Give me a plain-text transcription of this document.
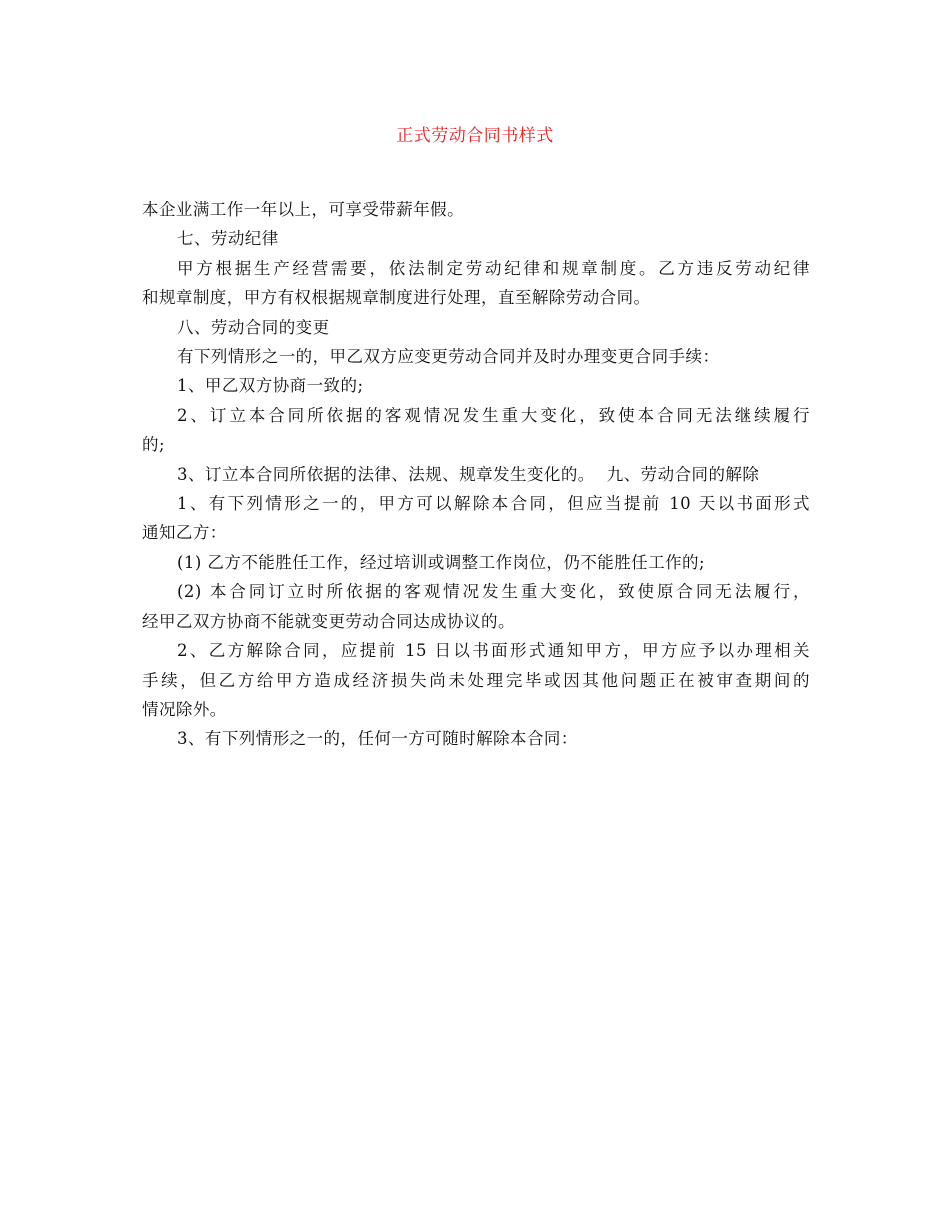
正式劳动合同书样式

本企业满工作一年以上，可享受带薪年假。

七、劳动纪律

甲方根据生产经营需要，依法制定劳动纪律和规章制度。乙方违反劳动纪律

和规章制度，甲方有权根据规章制度进行处理，直至解除劳动合同。

八、劳动合同的变更

有下列情形之一的，甲乙双方应变更劳动合同并及时办理变更合同手续：

1、甲乙双方协商一致的;

2、订立本合同所依据的客观情况发生重大变化，致使本合同无法继续履行

的;

3、订立本合同所依据的法律、法规、规章发生变化的。 九、劳动合同的解除

1、有下列情形之一的，甲方可以解除本合同，但应当提前 10 天以书面形式

通知乙方：

(1) 乙方不能胜任工作，经过培训或调整工作岗位，仍不能胜任工作的;

(2) 本合同订立时所依据的客观情况发生重大变化，致使原合同无法履行，

经甲乙双方协商不能就变更劳动合同达成协议的。

2、乙方解除合同，应提前 15 日以书面形式通知甲方，甲方应予以办理相关

手续，但乙方给甲方造成经济损失尚未处理完毕或因其他问题正在被审查期间的

情况除外。

3、有下列情形之一的，任何一方可随时解除本合同：
